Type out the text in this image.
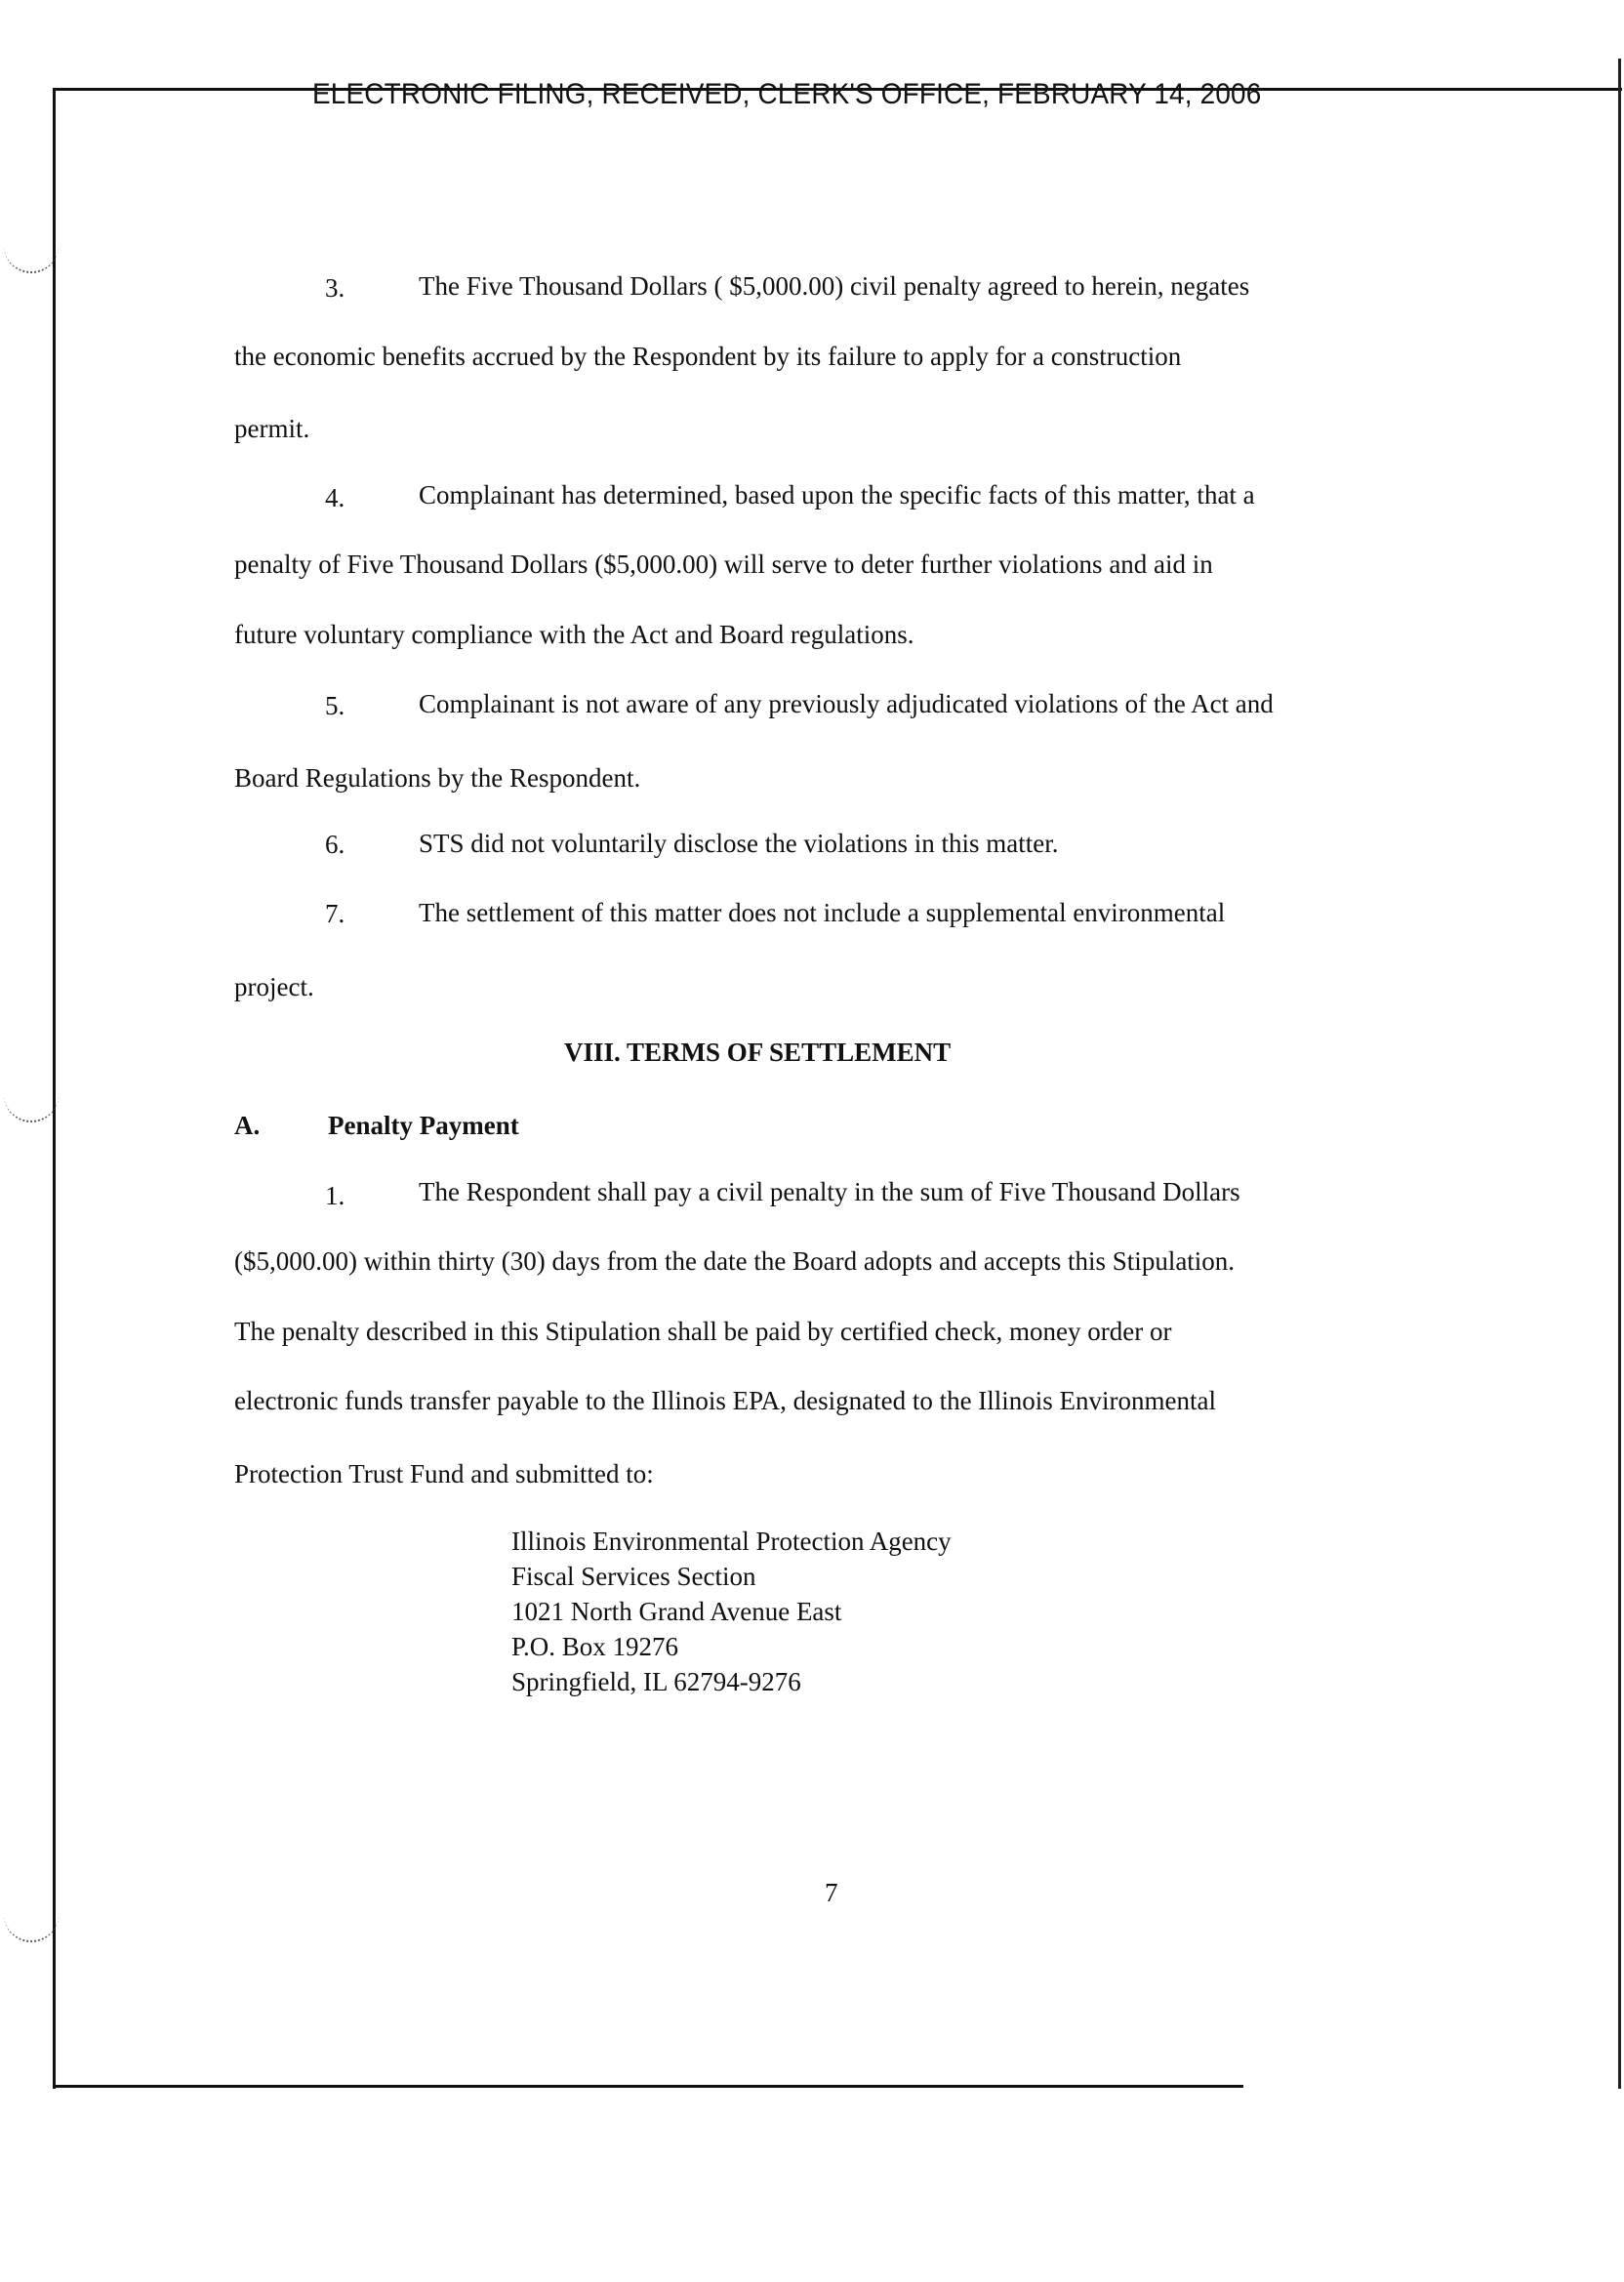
ELECTRONIC FILING, RECEIVED, CLERK'S OFFICE, FEBRUARY 14, 2006
3.	The Five Thousand Dollars ( $5,000.00) civil penalty agreed to herein, negates
the economic benefits accrued by the Respondent by its failure to apply for a construction
permit.
4.	Complainant has determined, based upon the specific facts of this matter, that a
penalty of Five Thousand Dollars ($5,000.00) will serve to deter further violations and aid in
future voluntary compliance with the Act and Board regulations.
5.	Complainant is not aware of any previously adjudicated violations of the Act and
Board Regulations by the Respondent.
6.	STS did not voluntarily disclose the violations in this matter.
7.	The settlement of this matter does not include a supplemental environmental
project.
VIII. TERMS OF SETTLEMENT
A.	Penalty Payment
1.	The Respondent shall pay a civil penalty in the sum of Five Thousand Dollars
($5,000.00) within thirty (30) days from the date the Board adopts and accepts this Stipulation.
The penalty described in this Stipulation shall be paid by certified check, money order or
electronic funds transfer payable to the Illinois EPA, designated to the Illinois Environmental
Protection Trust Fund and submitted to:
Illinois Environmental Protection Agency
Fiscal Services Section
1021 North Grand Avenue East
P.O. Box 19276
Springfield, IL 62794-9276
7
